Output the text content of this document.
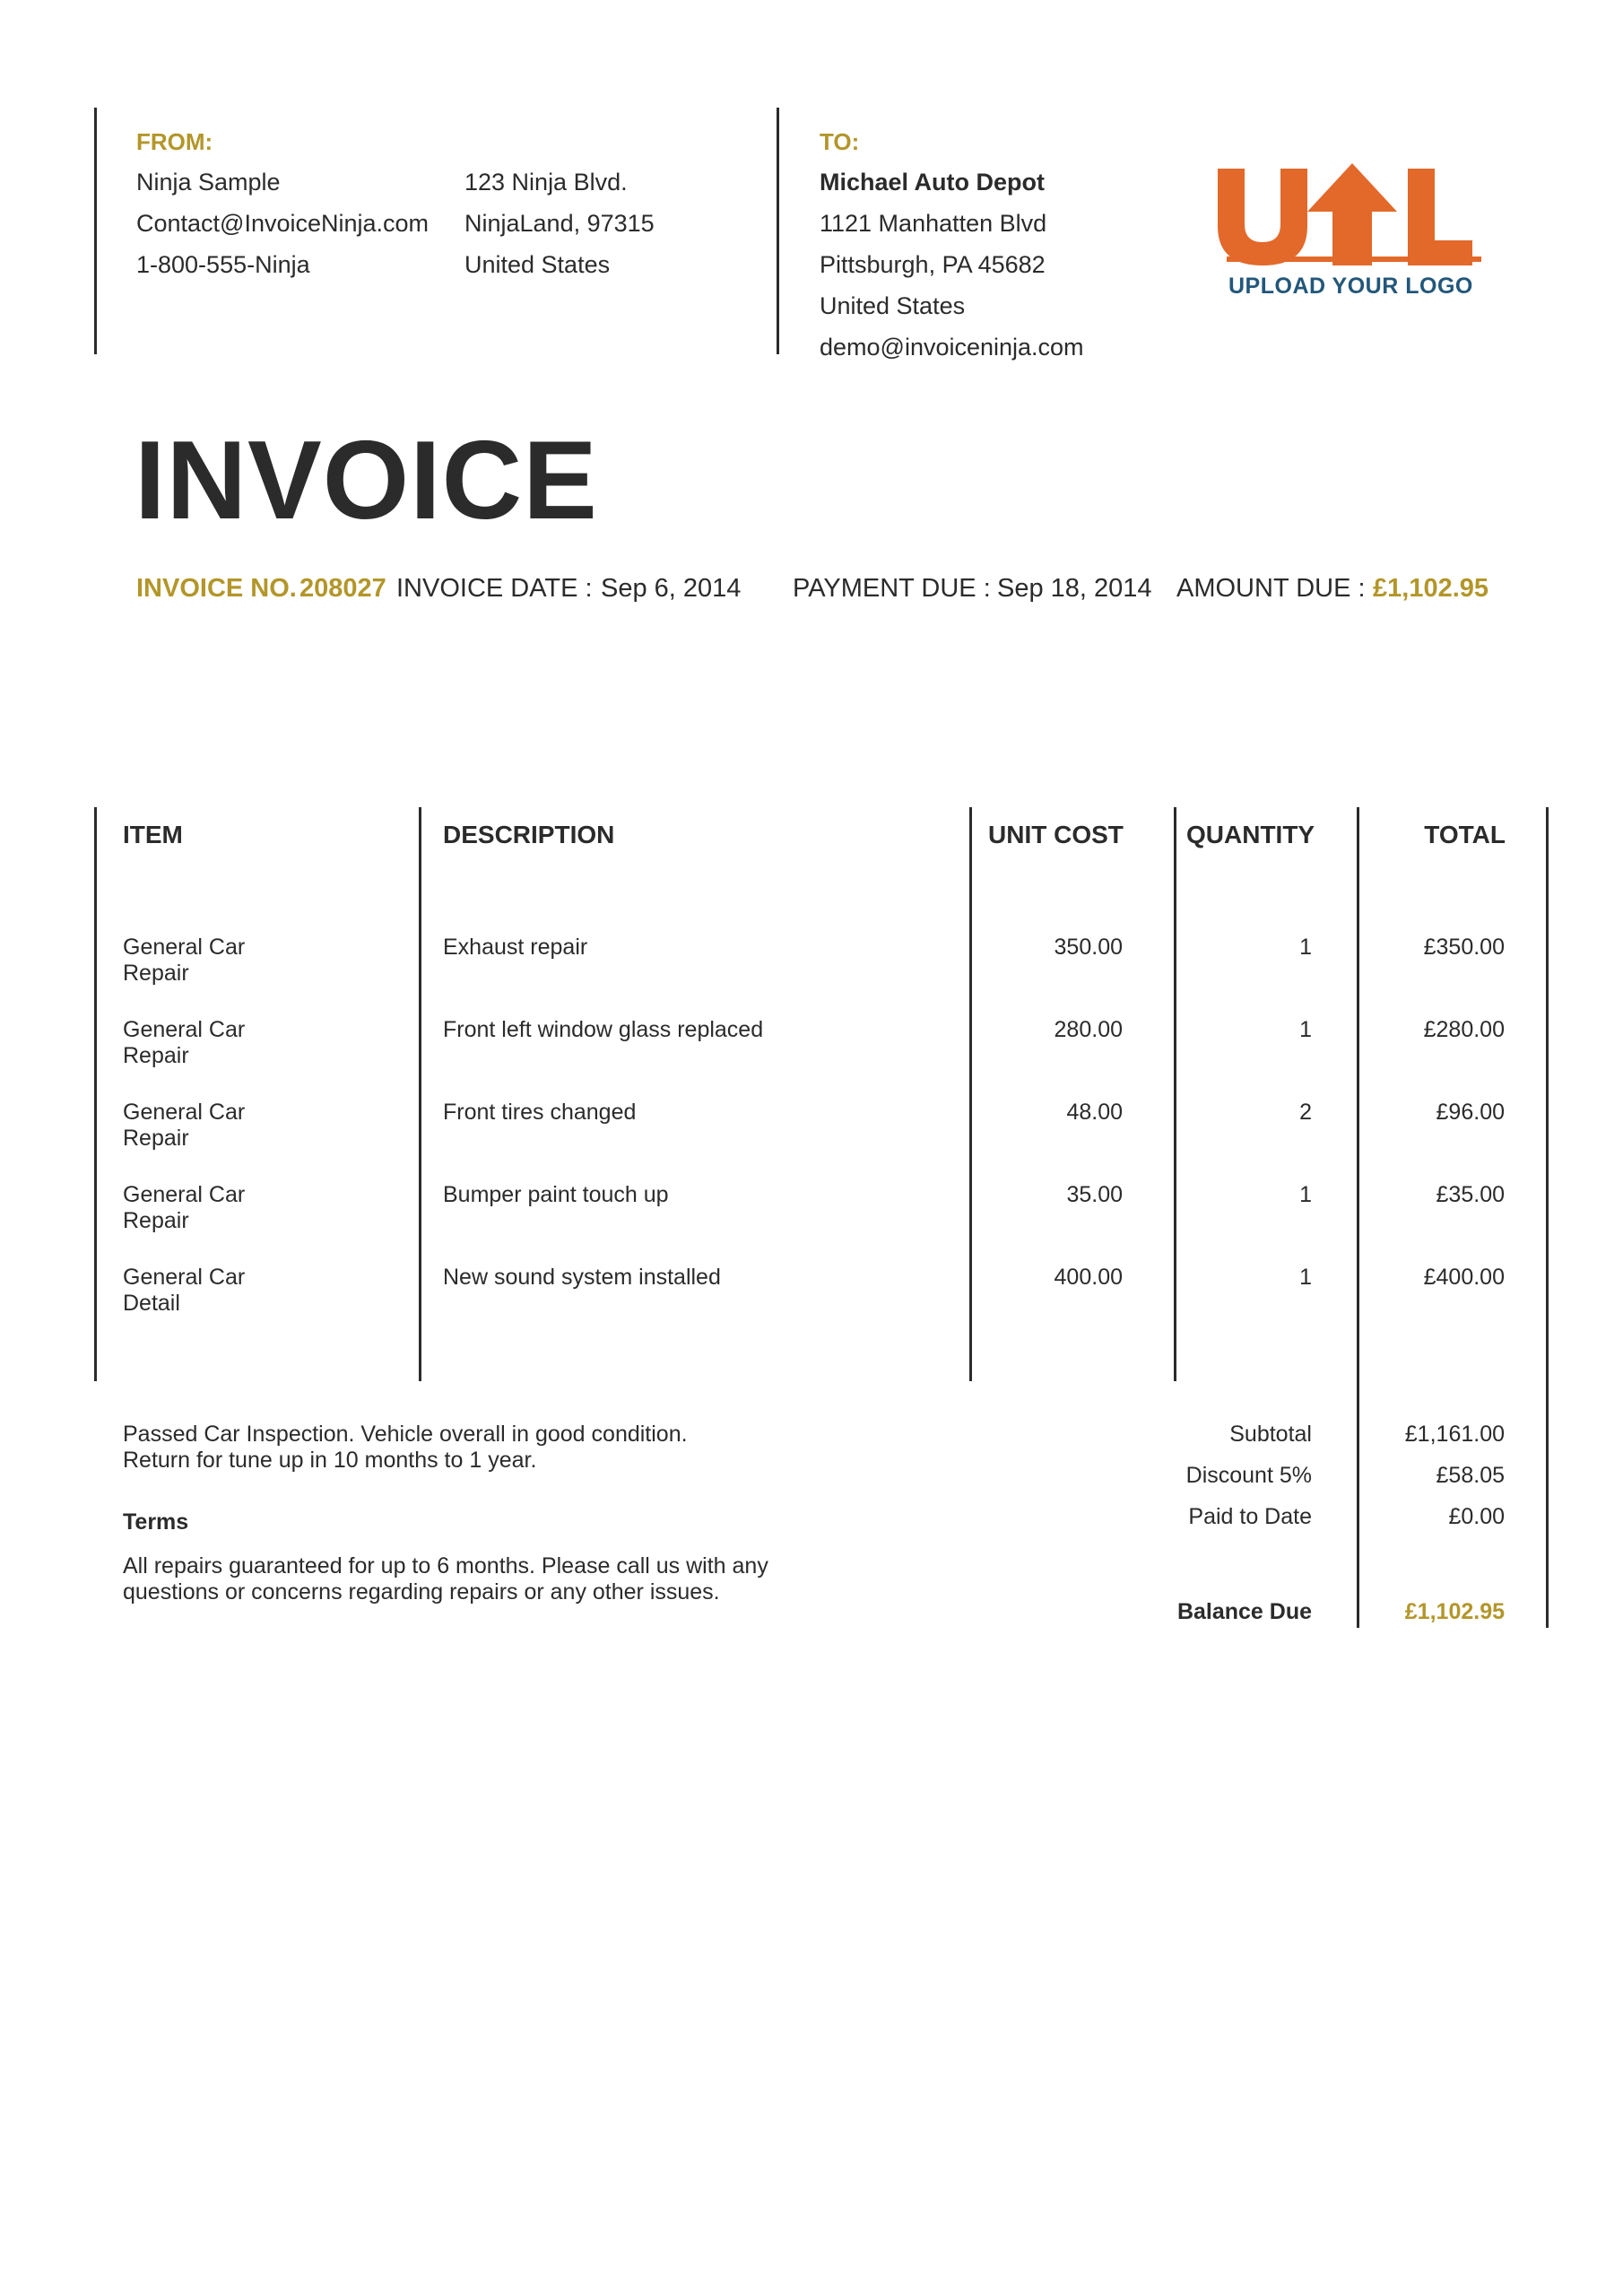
FROM:
Ninja Sample
Contact@InvoiceNinja.com
1-800-555-Ninja
123 Ninja Blvd.
NinjaLand, 97315
United States
TO:
Michael Auto Depot
1121 Manhatten Blvd
Pittsburgh, PA 45682
United States
demo@invoiceninja.com
UPLOAD YOUR LOGO
INVOICE
INVOICE NO. 208027 INVOICE DATE : Sep 6, 2014 PAYMENT DUE : Sep 18, 2014 AMOUNT DUE : £1,102.95
ITEM	DESCRIPTION	UNIT COST	QUANTITY	TOTAL
General Car
Repair
Exhaust repair	350.00	1	£350.00
General Car
Repair
Front left window glass replaced	280.00	1	£280.00
General Car
Repair
Front tires changed	48.00	2	£96.00
General Car
Repair
Bumper paint touch up	35.00	1	£35.00
General Car
Detail
New sound system installed	400.00	1	£400.00
Passed Car Inspection. Vehicle overall in good condition.
Return for tune up in 10 months to 1 year.
Terms
All repairs guaranteed for up to 6 months. Please call us with any
questions or concerns regarding repairs or any other issues.
Subtotal	£1,161.00
Discount 5%	£58.05
Paid to Date	£0.00
Balance Due	£1,102.95
